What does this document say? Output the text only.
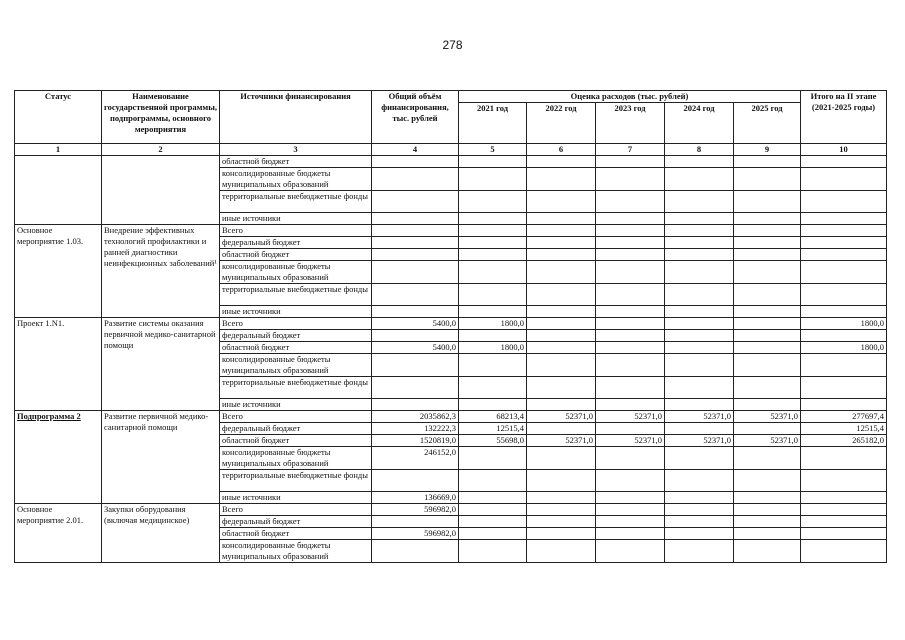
278
Статус	Наименование государственной программы, подпрограммы, основного мероприятия	Источники финансирования	Общий объём финансирования, тыс. рублей	Оценка расходов (тыс. рублей)					Итого на II этапе (2021-2025 годы)
				2021 год	2022 год	2023 год	2024 год	2025 год	
1	2	3	4	5	6	7	8	9	10
		областной бюджет							
		консолидированные бюджеты муниципальных образований							
		территориальные внебюджетные фонды							
		иные источники							
Основное мероприятие 1.03.	Внедрение эффективных технологий профилактики и ранней диагностики неинфекционных заболеваний¹	Всего							
		федеральный бюджет							
		областной бюджет							
		консолидированные бюджеты муниципальных образований							
		территориальные внебюджетные фонды							
		иные источники							
Проект 1.N1.	Развитие системы оказания первичной медико-санитарной помощи	Всего	5400,0	1800,0					1800,0
		федеральный бюджет							
		областной бюджет	5400,0	1800,0					1800,0
		консолидированные бюджеты муниципальных образований							
		территориальные внебюджетные фонды							
		иные источники							
Подпрограмма 2	Развитие первичной медико-санитарной помощи	Всего	2035862,3	68213,4	52371,0	52371,0	52371,0	52371,0	277697,4
		федеральный бюджет	132222,3	12515,4					12515,4
		областной бюджет	1520819,0	55698,0	52371,0	52371,0	52371,0	52371,0	265182,0
		консолидированные бюджеты муниципальных образований	246152,0						
		территориальные внебюджетные фонды							
		иные источники	136669,0						
Основное мероприятие 2.01.	Закупки оборудования (включая медицинское)	Всего	596982,0						
		федеральный бюджет							
		областной бюджет	596982,0						
		консолидированные бюджеты муниципальных образований							
